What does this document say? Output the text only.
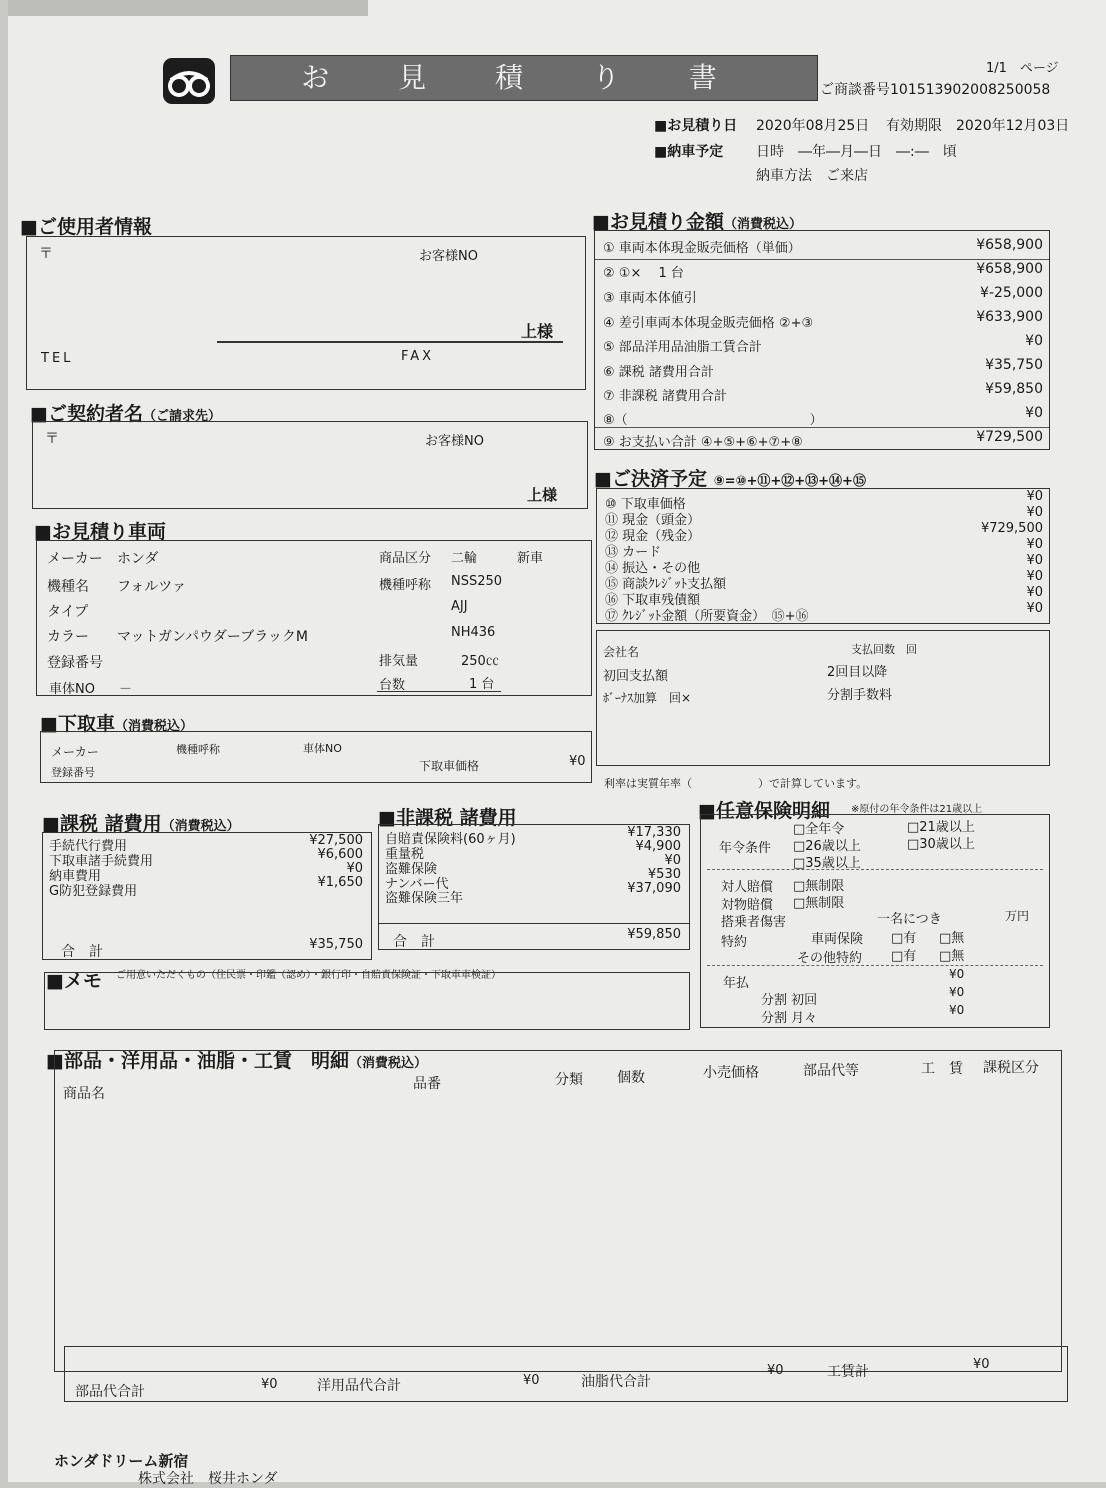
お 見 積 り 書	1/1　ページ
ご商談番号101513902008250058
■お見積り日 2020年08月25日 有効期限 2020年12月03日
■納車予定 日時　―年―月―日　―:―　頃
納車方法　ご来店
■ご使用者情報
〒	お客様NO
上様
TEL	FAX
■ご契約者名（ご請求先）
〒	お客様NO
上様
■お見積り車両
メーカー ホンダ
機種名 フォルツァ
タイプ
カラー マットガンパウダーブラックM
登録番号
車体NO －
商品区分 二輪	新車
機種呼称 NSS250
AJJ
NH436
排気量	250㏄
台数	1 台
■下取車（消費税込）
メーカー	機種呼称	車体NO
登録番号	下取車価格	¥0
■お見積り金額（消費税込）
① 車両本体現金販売価格（単価）	¥658,900
② ①×　 1 台	¥658,900
③ 車両本体値引	¥-25,000
④ 差引車両本体現金販売価格 ②+③	¥633,900
⑤ 部品洋用品油脂工賃合計	¥0
⑥ 課税 諸費用合計	¥35,750
⑦ 非課税 諸費用合計	¥59,850
⑧（　　　　　　　　　　　　　　）	¥0
⑨ お支払い合計 ④+⑤+⑥+⑦+⑧	¥729,500
■ご決済予定 ⑨=⑩+⑪+⑫+⑬+⑭+⑮
⑩ 下取車価格
¥0
⑪ 現金（頭金）
¥0
⑫ 現金（残金）
¥729,500
⑬ カード
¥0
⑭ 振込・その他
¥0
⑮ 商談ｸﾚｼﾞｯﾄ支払額
¥0
⑯ 下取車残債額
¥0
⑰ ｸﾚｼﾞｯﾄ金額（所要資金）　⑮+⑯
¥0
会社名	支払回数　回
初回支払額	2回目以降
ﾎﾞｰﾅｽ加算　回×	分割手数料
利率は実質年率（　　　　　　）で計算しています。
■課税 諸費用（消費税込）
手続代行費用	¥27,500
下取車諸手続費用	¥6,600
納車費用
¥0
G防犯登録費用
¥1,650
合　計	¥35,750
■非課税 諸費用
自賠責保険料(60ヶ月)	¥17,330
重量税
¥4,900
盗難保険
¥0
ナンバー代
¥530
盗難保険三年
¥37,090
合　計	¥59,850
■任意保険明細 ※原付の年令条件は21歳以上
年令条件
□全年令	□21歳以上
□26歳以上	□30歳以上
□35歳以上
対人賠償 □無制限
対物賠償 □無制限
搭乗者傷害	一名につき	万円
特約	車両保険 □有 □無
その他特約 □有 □無
年払
¥0
分割 初回
¥0
分割 月々
¥0
■メモ ご用意いただくもの（住民票・印鑑（認め）・銀行印・自賠責保険証・下取車車検証）
■部品・洋用品・油脂・工賃　明細（消費税込）
商品名
品番	分類 個数	小売価格	部品代等	工　賃 課税区分
部品代合計	¥0	洋用品代合計	¥0	油脂代合計
¥0	工賃計	¥0
ホンダドリーム新宿
株式会社　桜井ホンダ
